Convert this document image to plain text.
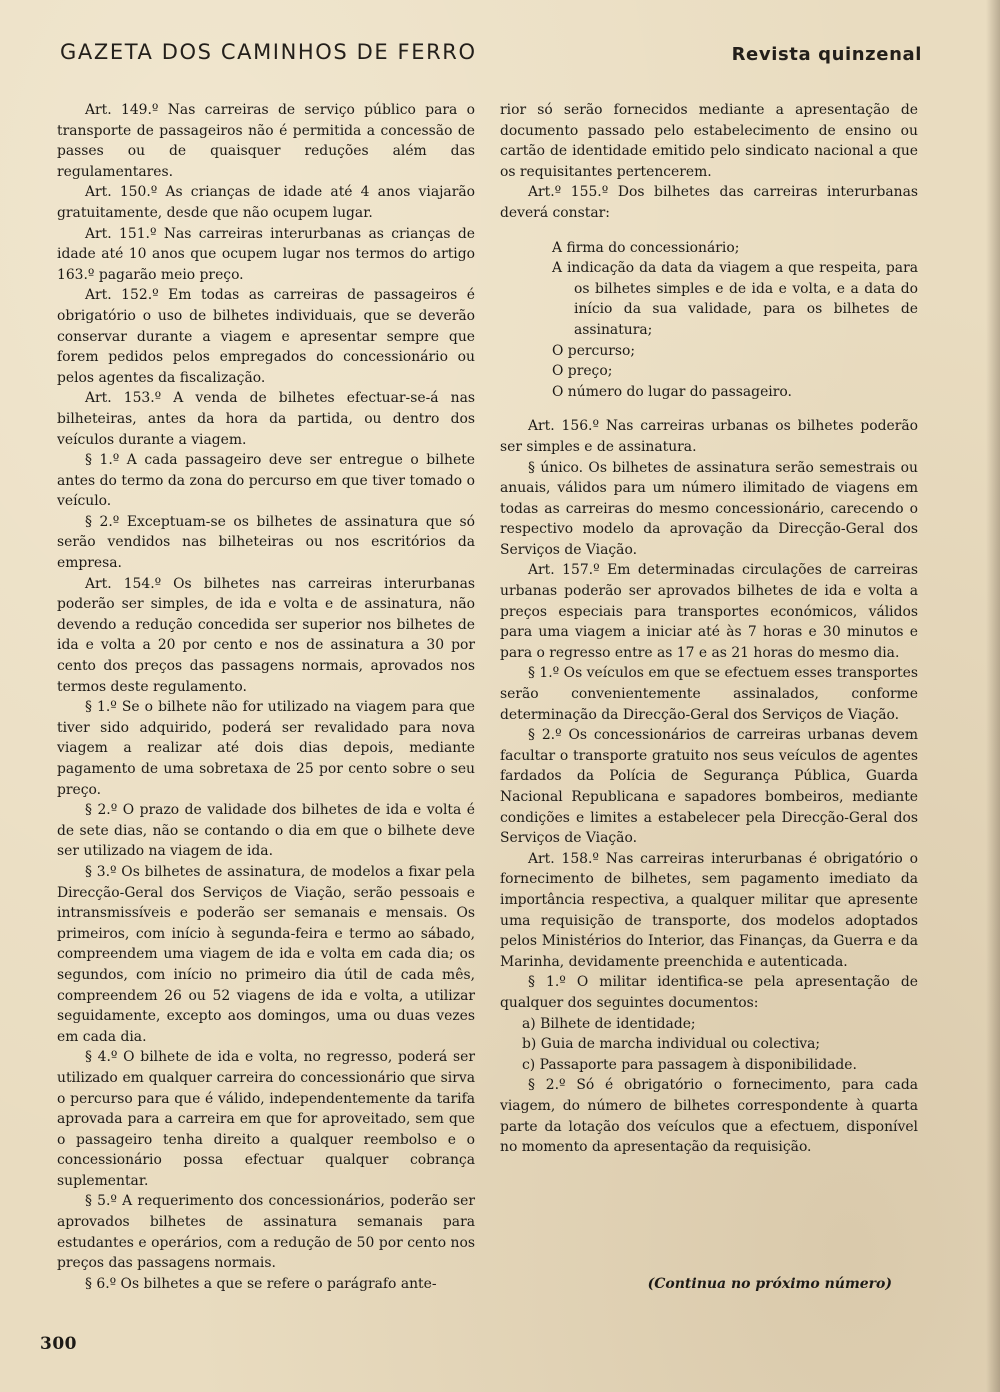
GAZETA DOS CAMINHOS DE FERRO	Revista quinzenal

Art. 149.º Nas carreiras de serviço público para o transporte de passageiros não é permitida a concessão de passes ou de quaisquer reduções além das regulamentares.

Art. 150.º As crianças de idade até 4 anos viajarão gratuitamente, desde que não ocupem lugar.

Art. 151.º Nas carreiras interurbanas as crianças de idade até 10 anos que ocupem lugar nos termos do artigo 163.º pagarão meio preço.

Art. 152.º Em todas as carreiras de passageiros é obrigatório o uso de bilhetes individuais, que se deverão conservar durante a viagem e apresentar sempre que forem pedidos pelos empregados do concessionário ou pelos agentes da fiscalização.

Art. 153.º A venda de bilhetes efectuar-se-á nas bilheteiras, antes da hora da partida, ou dentro dos veículos durante a viagem.

§ 1.º A cada passageiro deve ser entregue o bilhete antes do termo da zona do percurso em que tiver tomado o veículo.

§ 2.º Exceptuam-se os bilhetes de assinatura que só serão vendidos nas bilheteiras ou nos escritórios da empresa.

Art. 154.º Os bilhetes nas carreiras interurbanas poderão ser simples, de ida e volta e de assinatura, não devendo a redução concedida ser superior nos bilhetes de ida e volta a 20 por cento e nos de assinatura a 30 por cento dos preços das passagens normais, aprovados nos termos deste regulamento.

§ 1.º Se o bilhete não for utilizado na viagem para que tiver sido adquirido, poderá ser revalidado para nova viagem a realizar até dois dias depois, mediante pagamento de uma sobretaxa de 25 por cento sobre o seu preço.

§ 2.º O prazo de validade dos bilhetes de ida e volta é de sete dias, não se contando o dia em que o bilhete deve ser utilizado na viagem de ida.

§ 3.º Os bilhetes de assinatura, de modelos a fixar pela Direcção-Geral dos Serviços de Viação, serão pessoais e intransmissíveis e poderão ser semanais e mensais. Os primeiros, com início à segunda-feira e termo ao sábado, compreendem uma viagem de ida e volta em cada dia; os segundos, com início no primeiro dia útil de cada mês, compreendem 26 ou 52 viagens de ida e volta, a utilizar seguidamente, excepto aos domingos, uma ou duas vezes em cada dia.

§ 4.º O bilhete de ida e volta, no regresso, poderá ser utilizado em qualquer carreira do concessionário que sirva o percurso para que é válido, independentemente da tarifa aprovada para a carreira em que for aproveitado, sem que o passageiro tenha direito a qualquer reembolso e o concessionário possa efectuar qualquer cobrança suplementar.

§ 5.º A requerimento dos concessionários, poderão ser aprovados bilhetes de assinatura semanais para estudantes e operários, com a redução de 50 por cento nos preços das passagens normais.

§ 6.º Os bilhetes a que se refere o parágrafo ante-

rior só serão fornecidos mediante a apresentação de documento passado pelo estabelecimento de ensino ou cartão de identidade emitido pelo sindicato nacional a que os requisitantes pertencerem.

Art.º 155.º Dos bilhetes das carreiras interurbanas deverá constar:

A firma do concessionário;
A indicação da data da viagem a que respeita, para os bilhetes simples e de ida e volta, e a data do início da sua validade, para os bilhetes de assinatura;
O percurso;
O preço;
O número do lugar do passageiro.

Art. 156.º Nas carreiras urbanas os bilhetes poderão ser simples e de assinatura.

§ único. Os bilhetes de assinatura serão semestrais ou anuais, válidos para um número ilimitado de viagens em todas as carreiras do mesmo concessionário, carecendo o respectivo modelo da aprovação da Direcção-Geral dos Serviços de Viação.

Art. 157.º Em determinadas circulações de carreiras urbanas poderão ser aprovados bilhetes de ida e volta a preços especiais para transportes económicos, válidos para uma viagem a iniciar até às 7 horas e 30 minutos e para o regresso entre as 17 e as 21 horas do mesmo dia.

§ 1.º Os veículos em que se efectuem esses transportes serão convenientemente assinalados, conforme determinação da Direcção-Geral dos Serviços de Viação.

§ 2.º Os concessionários de carreiras urbanas devem facultar o transporte gratuito nos seus veículos de agentes fardados da Polícia de Segurança Pública, Guarda Nacional Republicana e sapadores bombeiros, mediante condições e limites a estabelecer pela Direcção-Geral dos Serviços de Viação.

Art. 158.º Nas carreiras interurbanas é obrigatório o fornecimento de bilhetes, sem pagamento imediato da importância respectiva, a qualquer militar que apresente uma requisição de transporte, dos modelos adoptados pelos Ministérios do Interior, das Finanças, da Guerra e da Marinha, devidamente preenchida e autenticada.

§ 1.º O militar identifica-se pela apresentação de qualquer dos seguintes documentos:

a) Bilhete de identidade;
b) Guia de marcha individual ou colectiva;
c) Passaporte para passagem à disponibilidade.

§ 2.º Só é obrigatório o fornecimento, para cada viagem, do número de bilhetes correspondente à quarta parte da lotação dos veículos que a efectuem, disponível no momento da apresentação da requisição.

(Continua no próximo número)
300
